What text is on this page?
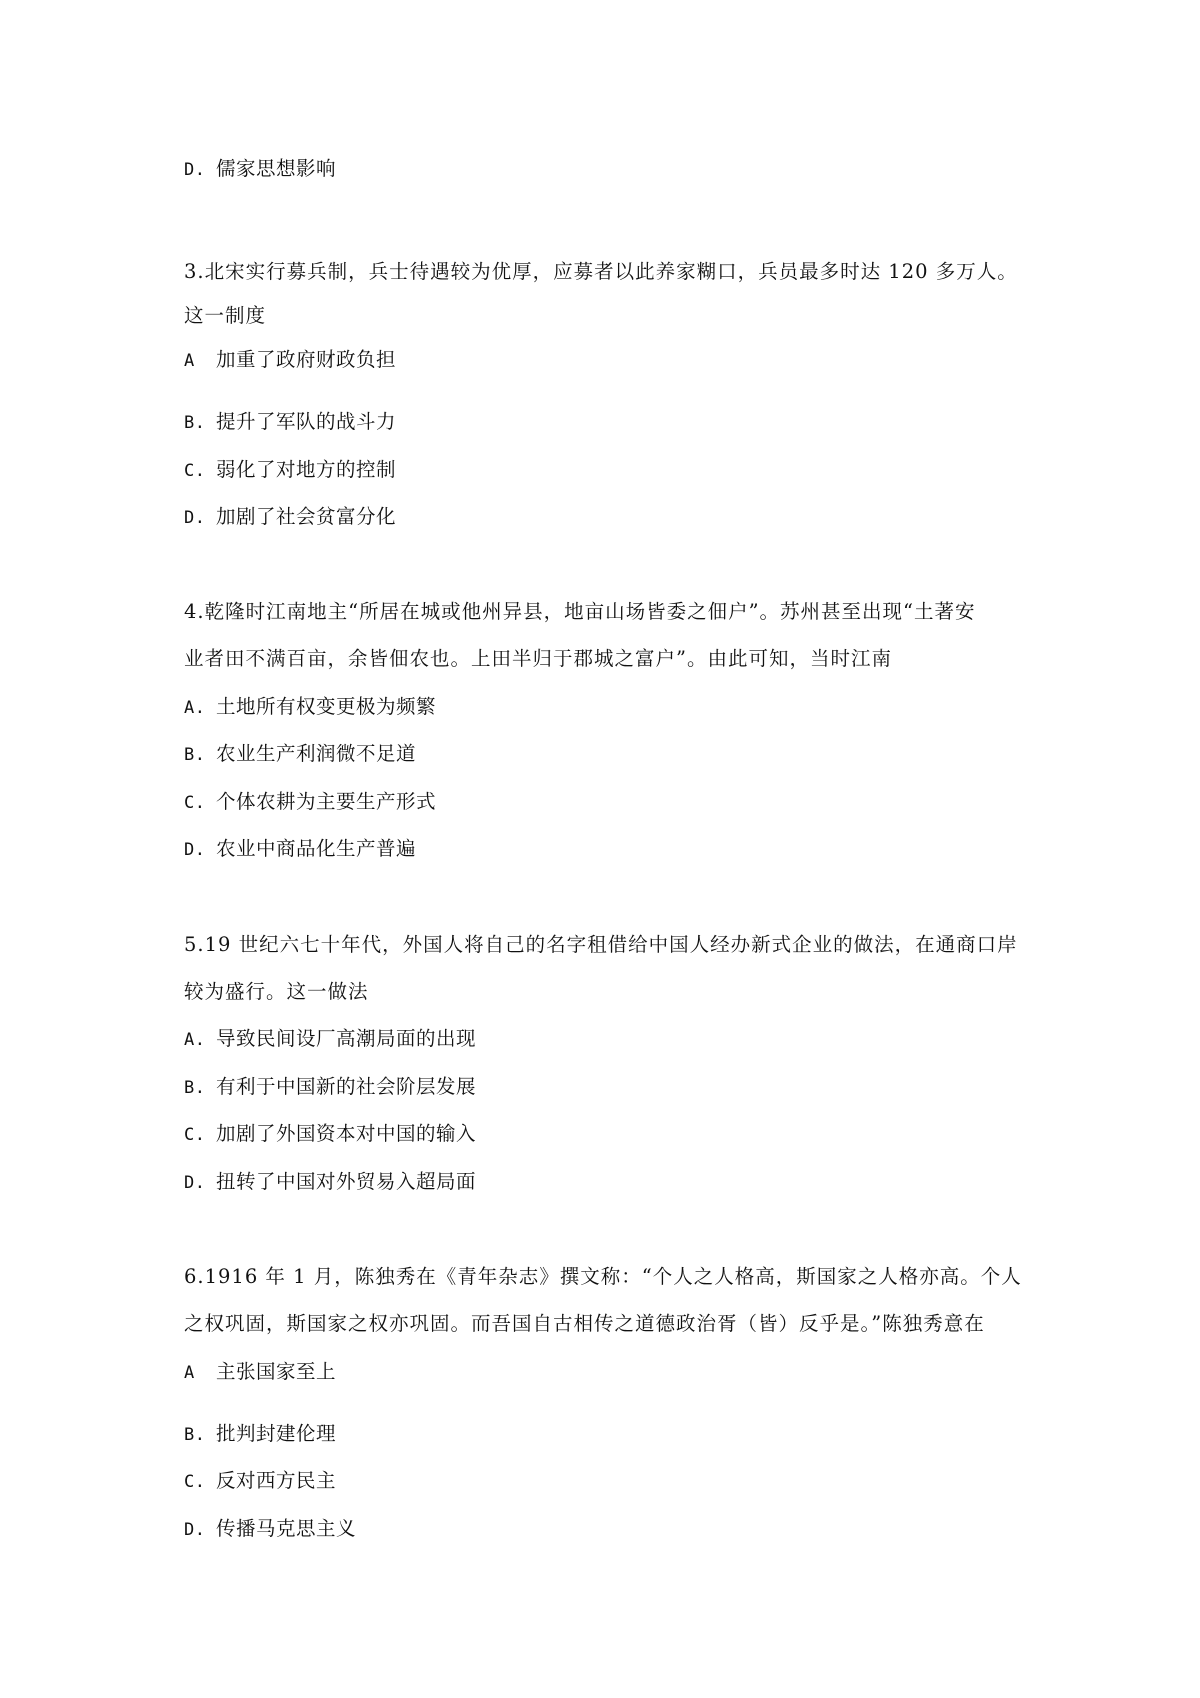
D. 儒家思想影响
3.北宋实行募兵制，兵士待遇较为优厚，应募者以此养家糊口，兵员最多时达 120 多万人。
这一制度
A 加重了政府财政负担
B. 提升了军队的战斗力
C. 弱化了对地方的控制
D. 加剧了社会贫富分化
4.乾隆时江南地主“所居在城或他州异县，地亩山场皆委之佃户”。苏州甚至出现“土著安
业者田不满百亩，余皆佃农也。上田半归于郡城之富户”。由此可知，当时江南
A. 土地所有权变更极为频繁
B. 农业生产利润微不足道
C. 个体农耕为主要生产形式
D. 农业中商品化生产普遍
5.19 世纪六七十年代，外国人将自己的名字租借给中国人经办新式企业的做法，在通商口岸
较为盛行。这一做法
A. 导致民间设厂高潮局面的出现
B. 有利于中国新的社会阶层发展
C. 加剧了外国资本对中国的输入
D. 扭转了中国对外贸易入超局面
6.1916 年 1 月，陈独秀在《青年杂志》撰文称：“个人之人格高，斯国家之人格亦高。个人
之权巩固，斯国家之权亦巩固。而吾国自古相传之道德政治胥（皆）反乎是。”陈独秀意在
A 主张国家至上
B. 批判封建伦理
C. 反对西方民主
D. 传播马克思主义
